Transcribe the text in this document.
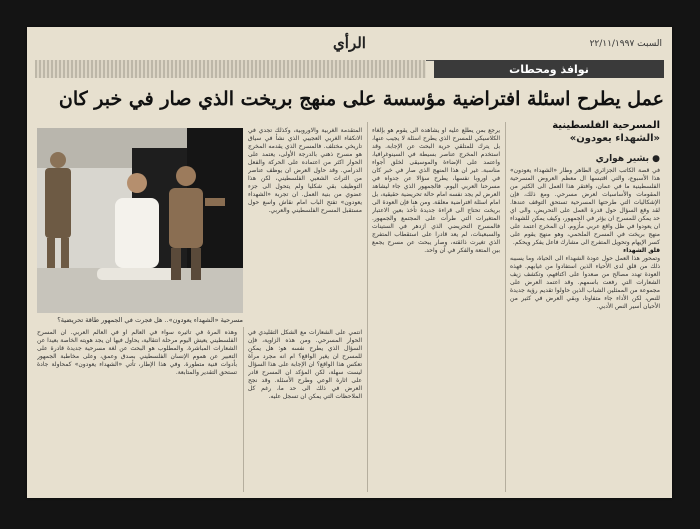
السبت ٢٢/١١/١٩٩٧
الرأي
نوافذ ومحطات
عمل يطرح اسئلة افتراضية مؤسسة على منهج بريخت الذي صار في خبر كان
المسرحية الفلسطينية
«الشهداء يعودون»
● بشير هواري
في قصة الكاتب الجزائري الطاهر وطار «الشهداء يعودون» هذا الأسبوع، والتي اقتبسها ال معظم العروض المسرحية الفلسطينية ما في عمان، وافتقر هذا العمل الى الكثير من المقومات والأساسيات لعرض مسرحي. ومع ذلك، فإن الإشكاليات التي طرحتها المسرحية تستحق التوقف عندها. لقد وقع السؤال حول قدرة العمل على التحريض، والى اي حد يمكن للمسرح ان يؤثر في الجمهور، وكيف يمكن للشهداء ان يعودوا في ظل واقع عربي مأزوم. ان المخرج اعتمد على منهج بريخت في المسرح الملحمي، وهو منهج يقوم على كسر الإيهام وتحويل المتفرج الى مشارك فاعل يفكر ويحكم.
قلق الشهداء
وتمحور هذا العمل حول عودة الشهداء الى الحياة، وما يسببه ذلك من قلق لدى الأحياء الذين استفادوا من غيابهم. فهذه العودة تهدد مصالح من صعدوا على اكتافهم، وتكشف زيف الشعارات التي رفعت باسمهم. وقد اعتمد العرض على مجموعة من الممثلين الشباب الذين حاولوا تقديم رؤية جديدة للنص، لكن الأداء جاء متفاوتا، وبقي العرض في كثير من الأحيان أسير النص الأدبي.
يرجع بمن يطلع عليه او يشاهده الى يقوم هو بإلغاء الكلاسيكي للمسرح الذي يطرح اسئلة لا يجيب عنها، بل يترك للمتلقي حرية البحث عن الإجابة. وقد استخدم المخرج عناصر بسيطة في السينوغرافيا، واعتمد على الإضاءة والموسيقى لخلق أجواء مناسبة. غير ان هذا المنهج الذي صار في خبر كان في اوروبا نفسها، يطرح سؤالا عن جدواه في مسرحنا العربي اليوم. فالجمهور الذي جاء ليشاهد العرض لم يجد نفسه امام حالة تحريضية حقيقية، بل امام اسئلة افتراضية معلقة. ومن هنا فإن العودة الى بريخت تحتاج الى قراءة جديدة تأخذ بعين الاعتبار المتغيرات التي طرأت على المجتمع والجمهور. فالمسرح التحريضي الذي ازدهر في الستينات والسبعينات، لم يعد قادرا على استقطاب المتفرج الذي تغيرت ذائقته، وصار يبحث عن مسرح يجمع بين المتعة والفكر في آن واحد.
المتقدمة الغربية والاوروبية، وكذلك تجدي في الانكفاء الغربي العجيبي الذي نشأ في سياق تاريخي مختلف. فالمسرح الذي يقدمه المخرج هو مسرح ذهني بالدرجة الأولى، يعتمد على الحوار اكثر من اعتماده على الحركة والفعل الدرامي. وقد حاول العرض ان يوظف عناصر من التراث الشعبي الفلسطيني، لكن هذا التوظيف بقي شكليا ولم يتحول الى جزء عضوي من بنية العمل. ان تجربة «الشهداء يعودون» تفتح الباب امام نقاش واسع حول مستقبل المسرح الفلسطيني والعربي.
انتمي على الشعارات مع الشكل التقليدي في الحوار المسرحي. ومن هذه الزاوية، فإن السؤال الذي يطرح نفسه هو: هل يمكن للمسرح ان يغير الواقع؟ ام انه مجرد مرآة تعكس هذا الواقع؟ ان الإجابة على هذا السؤال ليست سهلة، لكن المؤكد ان المسرح قادر على اثارة الوعي وطرح الأسئلة. وقد نجح العرض في ذلك الى حد ما، رغم كل الملاحظات التي يمكن ان تسجل عليه.
وهذه المرة في تأثيره سواء في العالم او في العالم العربي. ان المسرح الفلسطيني يعيش اليوم مرحلة انتقالية، يحاول فيها ان يجد هويته الخاصة بعيدا عن الشعارات المباشرة. والمطلوب هو البحث عن لغة مسرحية جديدة قادرة على التعبير عن هموم الإنسان الفلسطيني بصدق وعمق، وعلى مخاطبة الجمهور بأدوات فنية متطورة. وفي هذا الإطار، تأتي «الشهداء يعودون» كمحاولة جادة تستحق التقدير والمتابعة.
مسرحية «الشهداء يعودون».. هل فجرت في الجمهور طاقة تحريضية؟
